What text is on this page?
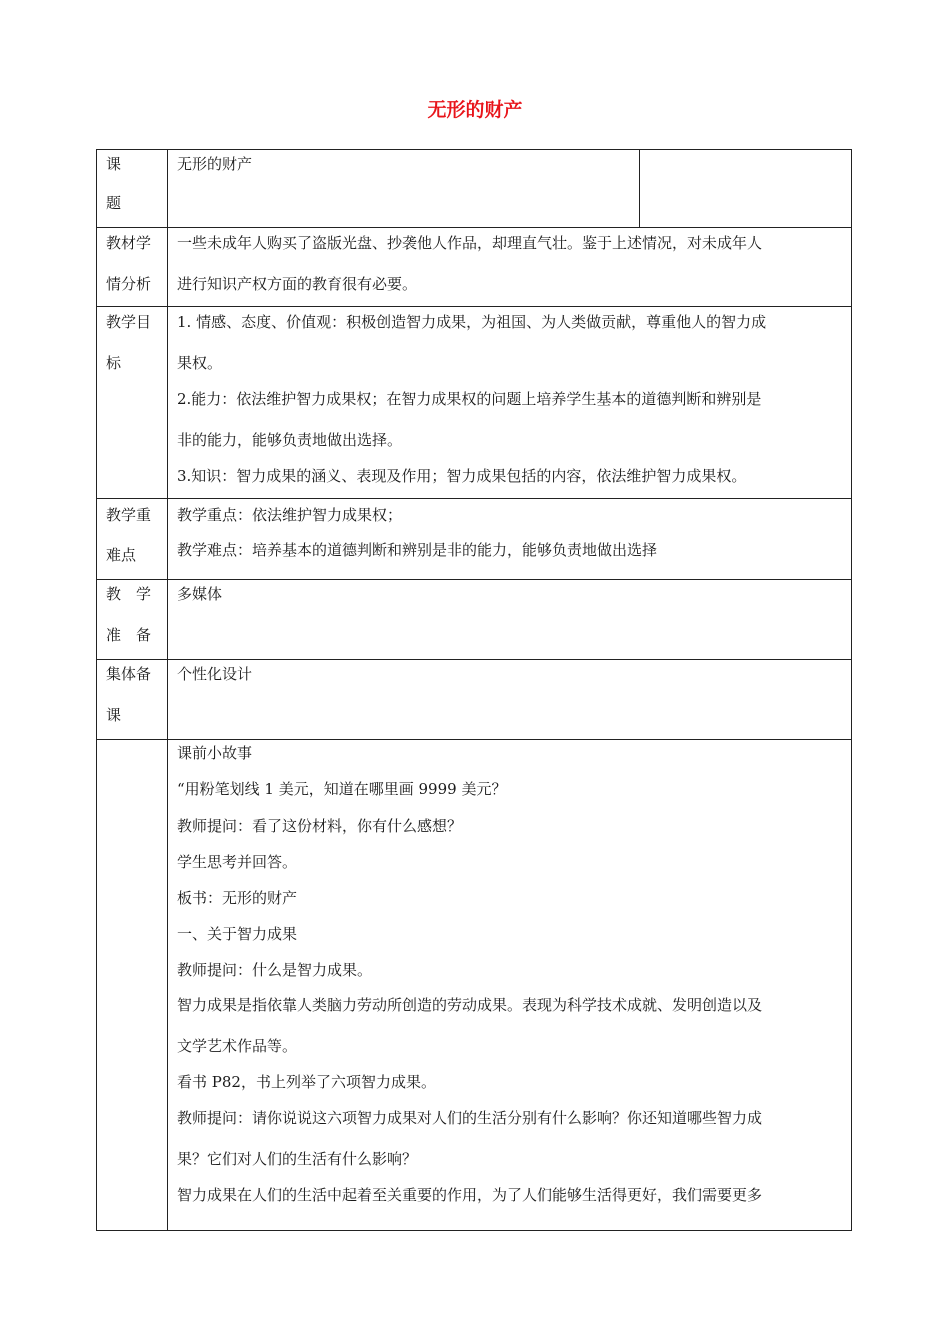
无形的财产
课
题
无形的财产
教材学
情分析
一些未成年人购买了盗版光盘、抄袭他人作品，却理直气壮。鉴于上述情况，对未成年人
进行知识产权方面的教育很有必要。
教学目
标
1. 情感、态度、价值观：积极创造智力成果，为祖国、为人类做贡献，尊重他人的智力成
果权。
2.能力：依法维护智力成果权；在智力成果权的问题上培养学生基本的道德判断和辨别是
非的能力，能够负责地做出选择。
3.知识：智力成果的涵义、表现及作用；智力成果包括的内容，依法维护智力成果权。
教学重
难点
教学重点：依法维护智力成果权；
教学难点：培养基本的道德判断和辨别是非的能力，能够负责地做出选择
教　学
准　备
多媒体
集体备
课
个性化设计
课前小故事
“用粉笔划线 1 美元，知道在哪里画 9999 美元？
教师提问：看了这份材料，你有什么感想？
学生思考并回答。
板书：无形的财产
一、关于智力成果
教师提问：什么是智力成果。
智力成果是指依靠人类脑力劳动所创造的劳动成果。表现为科学技术成就、发明创造以及
文学艺术作品等。
看书 P82，书上列举了六项智力成果。
教师提问：请你说说这六项智力成果对人们的生活分别有什么影响？你还知道哪些智力成
果？它们对人们的生活有什么影响？
智力成果在人们的生活中起着至关重要的作用，为了人们能够生活得更好，我们需要更多
